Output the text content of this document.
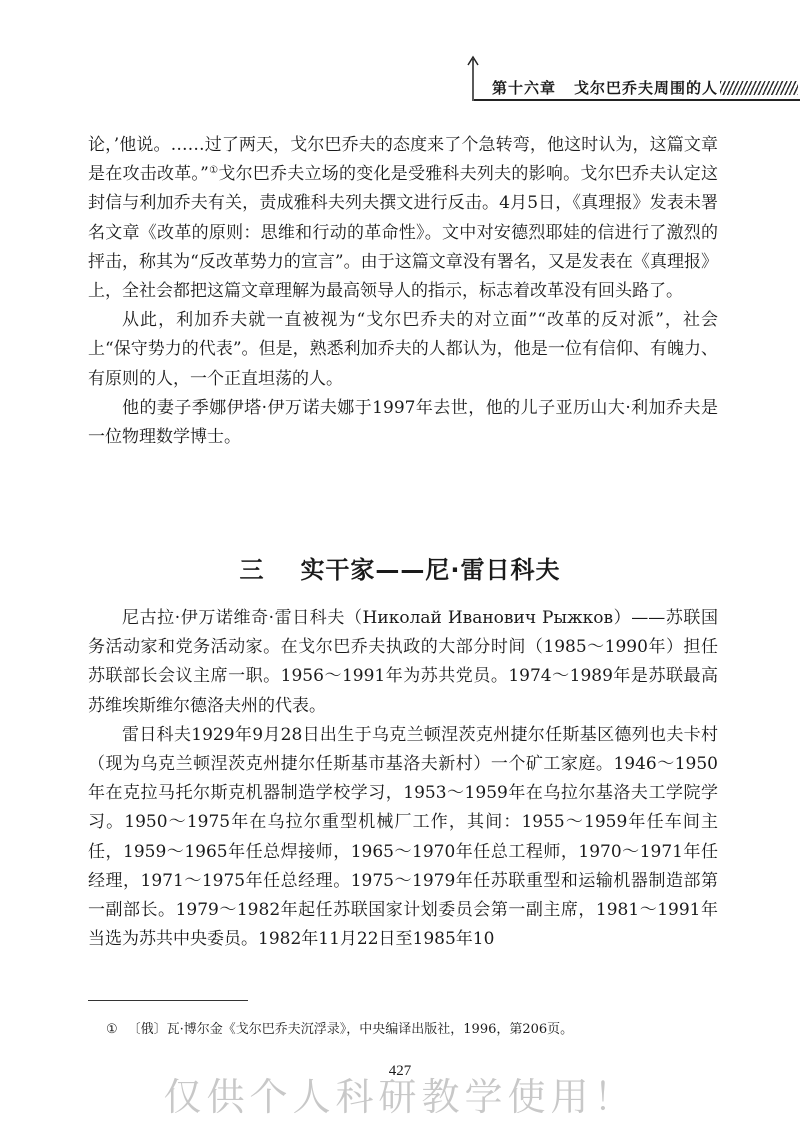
第十六章 戈尔巴乔夫周围的人

论，’他说。……过了两天，戈尔巴乔夫的态度来了个急转弯，他这时认为，这篇文章是在攻击改革。”①戈尔巴乔夫立场的变化是受雅科夫列夫的影响。戈尔巴乔夫认定这封信与利加乔夫有关，责成雅科夫列夫撰文进行反击。4月5日，《真理报》发表未署名文章《改革的原则：思维和行动的革命性》。文中对安德烈耶娃的信进行了激烈的抨击，称其为“反改革势力的宣言”。由于这篇文章没有署名，又是发表在《真理报》上，全社会都把这篇文章理解为最高领导人的指示，标志着改革没有回头路了。

从此，利加乔夫就一直被视为“戈尔巴乔夫的对立面”“改革的反对派”，社会上“保守势力的代表”。但是，熟悉利加乔夫的人都认为，他是一位有信仰、有魄力、有原则的人，一个正直坦荡的人。

他的妻子季娜伊塔·伊万诺夫娜于1997年去世，他的儿子亚历山大·利加乔夫是一位物理数学博士。

三 实干家——尼·雷日科夫

尼古拉·伊万诺维奇·雷日科夫（Николай Иванович Рыжков）——苏联国务活动家和党务活动家。在戈尔巴乔夫执政的大部分时间（1985～1990年）担任苏联部长会议主席一职。1956～1991年为苏共党员。1974～1989年是苏联最高苏维埃斯维尔德洛夫州的代表。

雷日科夫1929年9月28日出生于乌克兰顿涅茨克州捷尔任斯基区德列也夫卡村（现为乌克兰顿涅茨克州捷尔任斯基市基洛夫新村）一个矿工家庭。1946～1950年在克拉马托尔斯克机器制造学校学习，1953～1959年在乌拉尔基洛夫工学院学习。1950～1975年在乌拉尔重型机械厂工作，其间：1955～1959年任车间主任，1959～1965年任总焊接师，1965～1970年任总工程师，1970～1971年任经理，1971～1975年任总经理。1975～1979年任苏联重型和运输机器制造部第一副部长。1979～1982年起任苏联国家计划委员会第一副主席，1981～1991年当选为苏共中央委员。1982年11月22日至1985年10

① 〔俄〕瓦·博尔金《戈尔巴乔夫沉浮录》，中央编译出版社，1996，第206页。
427
仅供个人科研教学使用！
